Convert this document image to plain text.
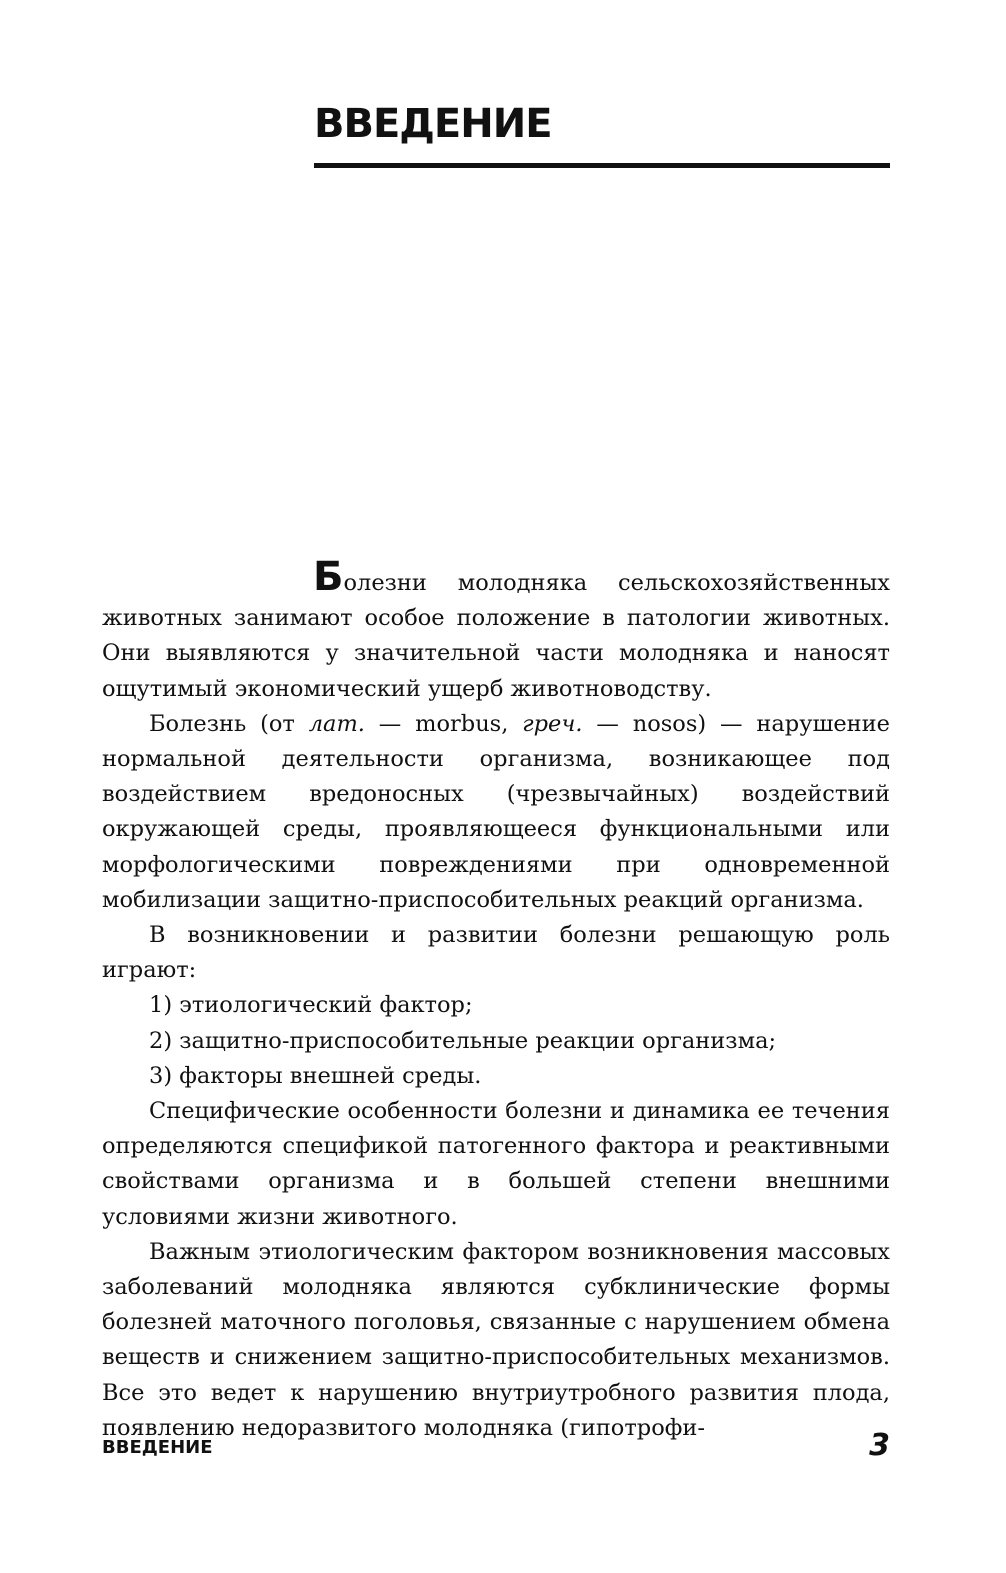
ВВЕДЕНИЕ

Болезни молодняка сельскохозяйственных животных занимают особое положение в патологии животных. Они выявляются у значительной части молодняка и наносят ощутимый экономический ущерб животноводству.

Болезнь (от лат. — morbus, греч. — nosos) — нарушение нормальной деятельности организма, возникающее под воздействием вредоносных (чрезвычайных) воздействий окружающей среды, проявляющееся функциональными или морфологическими повреждениями при одновременной мобилизации защитно-приспособительных реакций организма.

В возникновении и развитии болезни решающую роль играют:

1) этиологический фактор;

2) защитно-приспособительные реакции организма;

3) факторы внешней среды.

Специфические особенности болезни и динамика ее течения определяются спецификой патогенного фактора и реактивными свойствами организма и в большей степени внешними условиями жизни животного.

Важным этиологическим фактором возникновения массовых заболеваний молодняка являются субклинические формы болезней маточного поголовья, связанные с нарушением обмена веществ и снижением защитно-приспособительных механизмов. Все это ведет к нарушению внутриутробного развития плода, появлению недоразвитого молодняка (гипотрофи-

ВВЕДЕНИЕ	3
